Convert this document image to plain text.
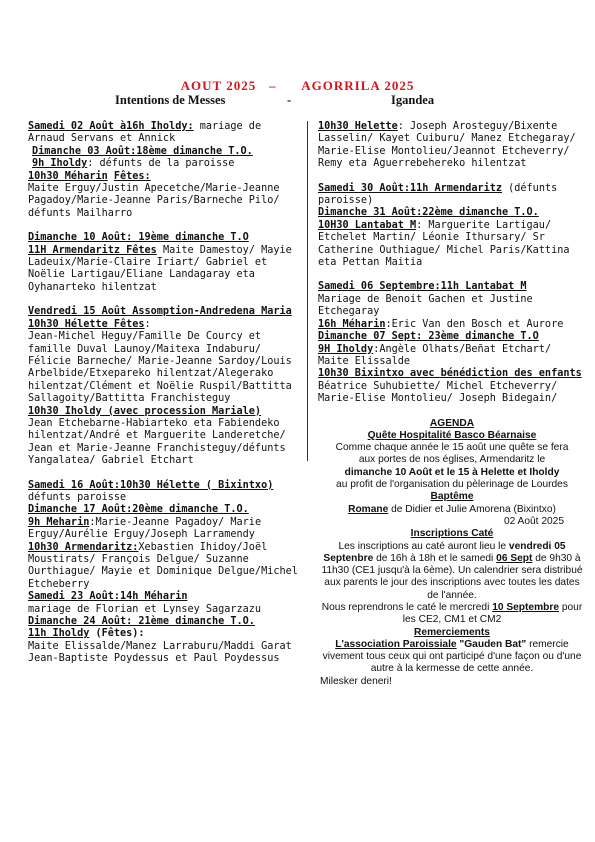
AOUT 2025 – AGORRILA 2025
Intentions de Messes	-	Igandea
Samedi 02 Août à16h Iholdy: mariage de
Arnaud Servans et Annick
Dimanche 03 Août:18ème dimanche T.O.
9h Iholdy: défunts de la paroisse
10h30 Méharin Fêtes:
Maite Erguy/Justin Apecetche/Marie-Jeanne Pagadoy/Marie-Jeanne Paris/Barneche Pilo/ défunts Mailharro
Dimanche 10 Août: 19ème dimanche T.O
11H Armendaritz Fêtes Maite Damestoy/ Mayie Ladeuix/Marie-Claire Iriart/ Gabriel et Noëlie Lartigau/Eliane Landagaray eta Oyhanarteko hilentzat
Vendredi 15 Août Assomption-Andredena Maria
10h30 Hélette Fêtes:
Jean-Michel Heguy/Famille De Courcy et famille Duval Launoy/Maitexa Indaburu/ Félicie Barneche/ Marie-Jeanne Sardoy/Louis Arbelbide/Etxepareko hilentzat/Alegerako hilentzat/Clément et Noëlie Ruspil/Battitta Sallagoity/Battitta Franchisteguy
10h30 Iholdy (avec procession Mariale)
Jean Etchebarne-Habiarteko eta Fabiendeko hilentzat/André et Marguerite Landeretche/ Jean et Marie-Jeanne Franchisteguy/défunts Yangalatea/ Gabriel Etchart
Samedi 16 Août:10h30 Hélette ( Bixintxo)
défunts paroisse
Dimanche 17 Août:20ème dimanche T.O.
9h Meharin:Marie-Jeanne Pagadoy/ Marie Erguy/Aurélie Erguy/Joseph Larramendy
10h30 Armendaritz:Xebastien Ihidoy/Joël Moustirats/ François Delgue/ Suzanne Ourthiague/ Mayie et Dominique Delgue/Michel Etcheberry
Samedi 23 Août:14h Méharin
mariage de Florian et Lynsey Sagarzazu
Dimanche 24 Août: 21ème dimanche T.O.
11h Iholdy (Fêtes):
Maite Elissalde/Manez Larraburu/Maddi Garat Jean-Baptiste Poydessus et Paul Poydessus
10h30 Helette: Joseph Arosteguy/Bixente Lasselin/ Kayet Cuiburu/ Manez Etchegaray/ Marie-Elise Montolieu/Jeannot Etcheverry/ Remy eta Aguerrebehereko hilentzat
Samedi 30 Août:11h Armendaritz (défunts paroisse)
Dimanche 31 Août:22ème dimanche T.O.
10H30 Lantabat M: Marguerite Lartigau/ Etchelet Martin/ Léonie Ithursary/ Sr Catherine Outhiague/ Michel Paris/Kattina eta Pettan Maitia
Samedi 06 Septembre:11h Lantabat M
Mariage de Benoit Gachen et Justine Etchegaray
16h Méharin:Eric Van den Bosch et Aurore
Dimanche 07 Sept: 23ème dimanche T.O
9H Iholdy:Angèle Olhats/Beñat Etchart/ Maite Elissalde
10h30 Bixintxo avec bénédiction des enfants
Béatrice Suhubiette/ Michel Etcheverry/ Marie-Elise Montolieu/ Joseph Bidegain/
AGENDA
Quête Hospitalité Basco Béarnaise
Comme chaque année le 15 août une quête se fera
aux portes de nos églises, Armendaritz le
dimanche 10 Août et le 15 à Helette et Iholdy
au profit de l'organisation du pèlerinage de Lourdes
Baptême
Romane de Didier et Julie Amorena (Bixintxo)
02 Août 2025
Inscriptions Caté
Les inscriptions au caté auront lieu le vendredi 05 Septenbre de 16h à 18h et le samedi 06 Sept de 9h30 à 11h30 (CE1 jusqu'à la 6ème). Un calendrier sera distribué aux parents le jour des inscriptions avec toutes les dates de l'année.
Nous reprendrons le caté le mercredi 10 Septembre pour les CE2, CM1 et CM2
Remerciements
L'association Paroissiale "Gauden Bat" remercie vivement tous ceux qui ont participé d'une façon ou d'une autre à la kermesse de cette année.
Milesker deneri!
